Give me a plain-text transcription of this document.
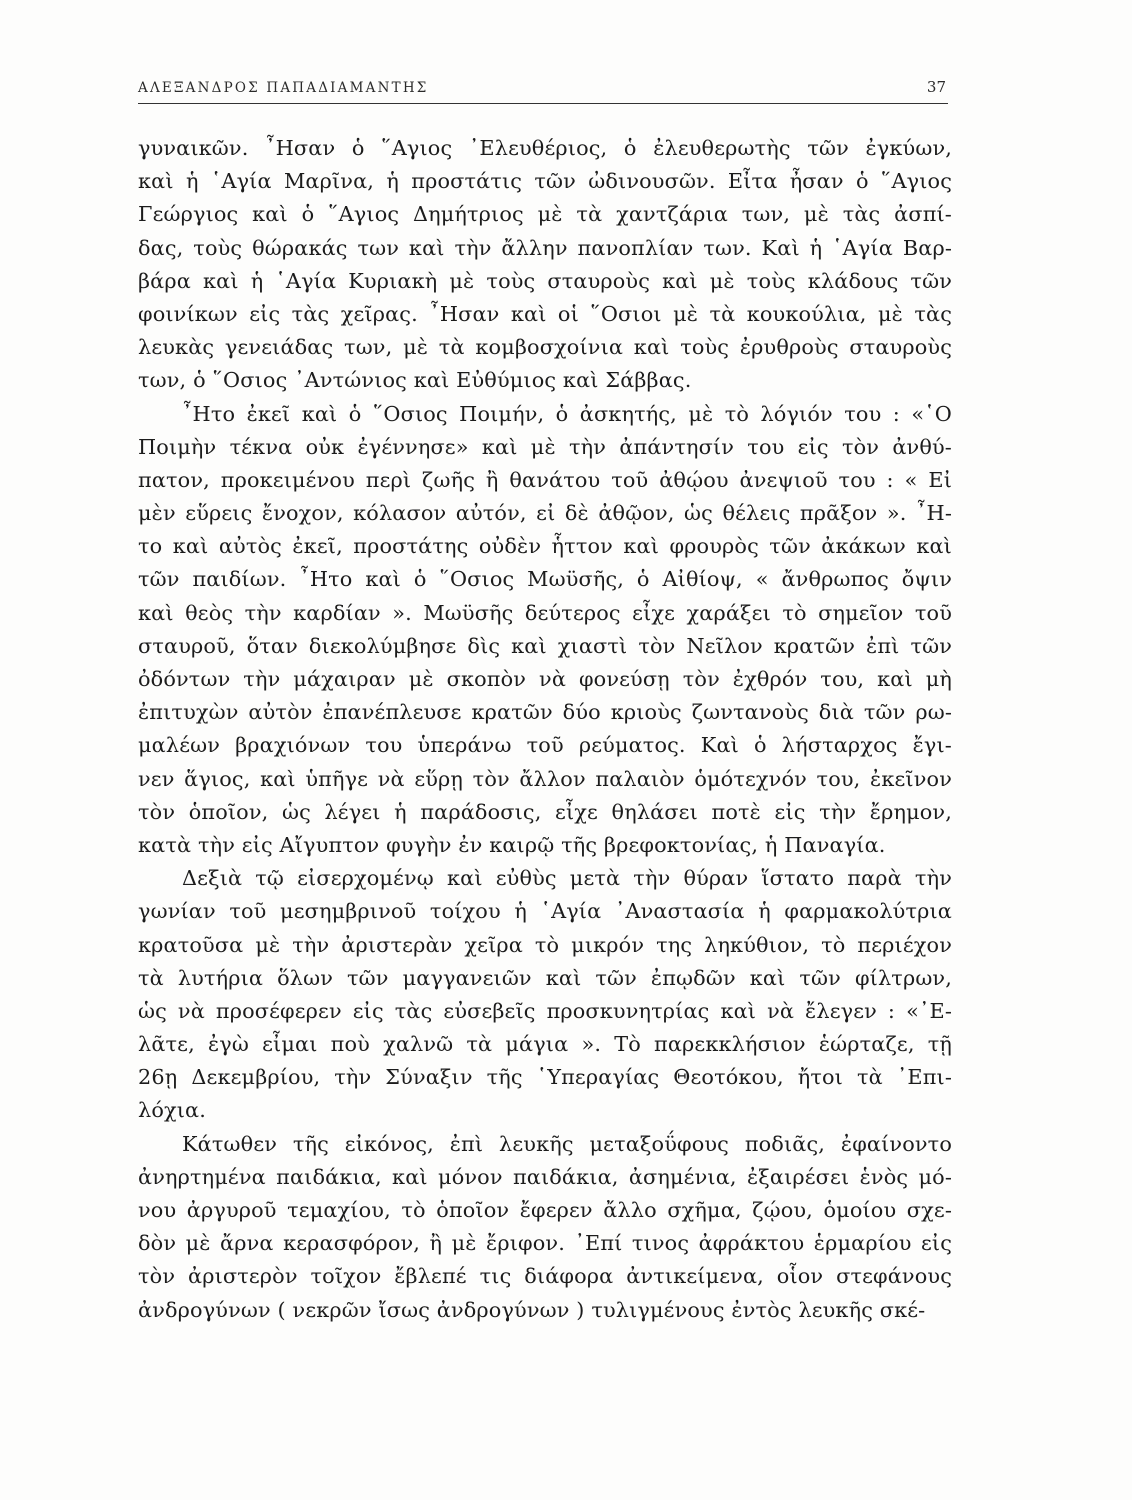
ΑΛΕΞΑΝΔΡΟΣ ΠΑΠΑΔΙΑΜΑΝΤΗΣ	37
γυναικῶν. ῏Ησαν ὁ ῞Αγιος ᾿Ελευθέριος, ὁ ἐλευθερωτὴς τῶν ἐγκύων,
καὶ ἡ ῾Αγία Μαρῖνα, ἡ προστάτις τῶν ὠδινουσῶν. Εἶτα ἦσαν ὁ ῞Αγιος
Γεώργιος καὶ ὁ ῞Αγιος Δημήτριος μὲ τὰ χαντζάρια των, μὲ τὰς ἀσπί-
δας, τοὺς θώρακάς των καὶ τὴν ἄλλην πανοπλίαν των. Καὶ ἡ ῾Αγία Βαρ-
βάρα καὶ ἡ ῾Αγία Κυριακὴ μὲ τοὺς σταυροὺς καὶ μὲ τοὺς κλάδους τῶν
φοινίκων εἰς τὰς χεῖρας. ῏Ησαν καὶ οἱ ῞Οσιοι μὲ τὰ κουκούλια, μὲ τὰς
λευκὰς γενειάδας των, μὲ τὰ κομβοσχοίνια καὶ τοὺς ἐρυθροὺς σταυροὺς
των, ὁ ῞Οσιος ᾿Αντώνιος καὶ Εὐθύμιος καὶ Σάββας.
῏Ητο ἐκεῖ καὶ ὁ ῞Οσιος Ποιμήν, ὁ ἀσκητής, μὲ τὸ λόγιόν του : «῾Ο
Ποιμὴν τέκνα οὐκ ἐγέννησε» καὶ μὲ τὴν ἀπάντησίν του εἰς τὸν ἀνθύ-
πατον, προκειμένου περὶ ζωῆς ἢ θανάτου τοῦ ἀθῴου ἀνεψιοῦ του : « Εἰ
μὲν εὕρεις ἔνοχον, κόλασον αὐτόν, εἰ δὲ ἀθῷον, ὡς θέλεις πρᾶξον ». ῏Η-
το καὶ αὐτὸς ἐκεῖ, προστάτης οὐδὲν ἧττον καὶ φρουρὸς τῶν ἀκάκων καὶ
τῶν παιδίων. ῏Ητο καὶ ὁ ῞Οσιος Μωϋσῆς, ὁ Αἰθίοψ, « ἄνθρωπος ὄψιν
καὶ θεὸς τὴν καρδίαν ». Μωϋσῆς δεύτερος εἶχε χαράξει τὸ σημεῖον τοῦ
σταυροῦ, ὅταν διεκολύμβησε δὶς καὶ χιαστὶ τὸν Νεῖλον κρατῶν ἐπὶ τῶν
ὀδόντων τὴν μάχαιραν μὲ σκοπὸν νὰ φονεύσῃ τὸν ἐχθρόν του, καὶ μὴ
ἐπιτυχὼν αὐτὸν ἐπανέπλευσε κρατῶν δύο κριοὺς ζωντανοὺς διὰ τῶν ρω-
μαλέων βραχιόνων του ὑπεράνω τοῦ ρεύματος. Καὶ ὁ λήσταρχος ἔγι-
νεν ἅγιος, καὶ ὑπῆγε νὰ εὕρῃ τὸν ἄλλον παλαιὸν ὁμότεχνόν του, ἐκεῖνον
τὸν ὁποῖον, ὡς λέγει ἡ παράδοσις, εἶχε θηλάσει ποτὲ εἰς τὴν ἔρημον,
κατὰ τὴν εἰς Αἴγυπτον φυγὴν ἐν καιρῷ τῆς βρεφοκτονίας, ἡ Παναγία.
Δεξιὰ τῷ εἰσερχομένῳ καὶ εὐθὺς μετὰ τὴν θύραν ἵστατο παρὰ τὴν
γωνίαν τοῦ μεσημβρινοῦ τοίχου ἡ ῾Αγία ᾿Αναστασία ἡ φαρμακολύτρια
κρατοῦσα μὲ τὴν ἀριστερὰν χεῖρα τὸ μικρόν της ληκύθιον, τὸ περιέχον
τὰ λυτήρια ὅλων τῶν μαγγανειῶν καὶ τῶν ἐπῳδῶν καὶ τῶν φίλτρων,
ὡς νὰ προσέφερεν εἰς τὰς εὐσεβεῖς προσκυνητρίας καὶ νὰ ἔλεγεν : «᾿Ε-
λᾶτε, ἐγὼ εἶμαι ποὺ χαλνῶ τὰ μάγια ». Τὸ παρεκκλήσιον ἑώρταζε, τῇ
26ῃ Δεκεμβρίου, τὴν Σύναξιν τῆς ῾Υπεραγίας Θεοτόκου, ἤτοι τὰ ᾿Επι-
λόχια.
Κάτωθεν τῆς εἰκόνος, ἐπὶ λευκῆς μεταξοΰφους ποδιᾶς, ἐφαίνοντο
ἀνηρτημένα παιδάκια, καὶ μόνον παιδάκια, ἀσημένια, ἐξαιρέσει ἑνὸς μό-
νου ἀργυροῦ τεμαχίου, τὸ ὁποῖον ἔφερεν ἄλλο σχῆμα, ζῴου, ὁμοίου σχε-
δὸν μὲ ἄρνα κερασφόρον, ἢ μὲ ἔριφον. ᾿Επί τινος ἀφράκτου ἑρμαρίου εἰς
τὸν ἀριστερὸν τοῖχον ἔβλεπέ τις διάφορα ἀντικείμενα, οἷον στεφάνους
ἀνδρογύνων ( νεκρῶν ἴσως ἀνδρογύνων ) τυλιγμένους ἐντὸς λευκῆς σκέ-
